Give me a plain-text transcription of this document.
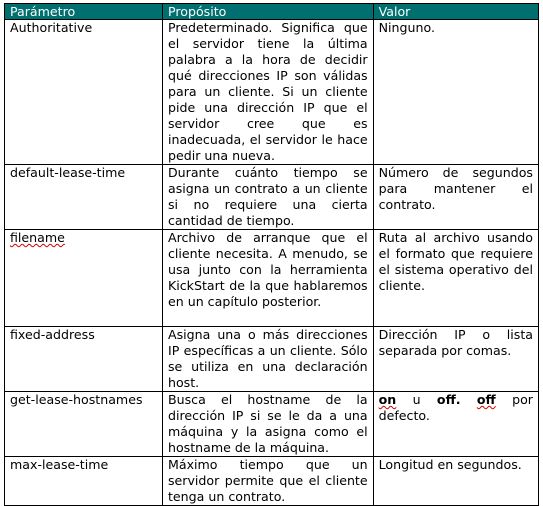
Parámetro	Propósito	Valor
Authoritative	Predeterminado. Significa que el servidor tiene la última palabra a la hora de decidir qué direcciones IP son válidas para un cliente. Si un cliente pide una dirección IP que el servidor cree que es inadecuada, el servidor le hace pedir una nueva.	Ninguno.
default-lease-time	Durante cuánto tiempo se asigna un contrato a un cliente si no requiere una cierta cantidad de tiempo.	Número de segundos para mantener el contrato.
filename	Archivo de arranque que el cliente necesita. A menudo, se usa junto con la herramienta KickStart de la que hablaremos en un capítulo posterior.	Ruta al archivo usando el formato que requiere el sistema operativo del cliente.
fixed-address	Asigna una o más direcciones IP específicas a un cliente. Sólo se utiliza en una declaración host.	Dirección IP o lista separada por comas.
get-lease-hostnames	Busca el hostname de la dirección IP si se le da a una máquina y la asigna como el hostname de la máquina.	on u off. off por defecto.
max-lease-time	Máximo tiempo que un servidor permite que el cliente tenga un contrato.	Longitud en segundos.
